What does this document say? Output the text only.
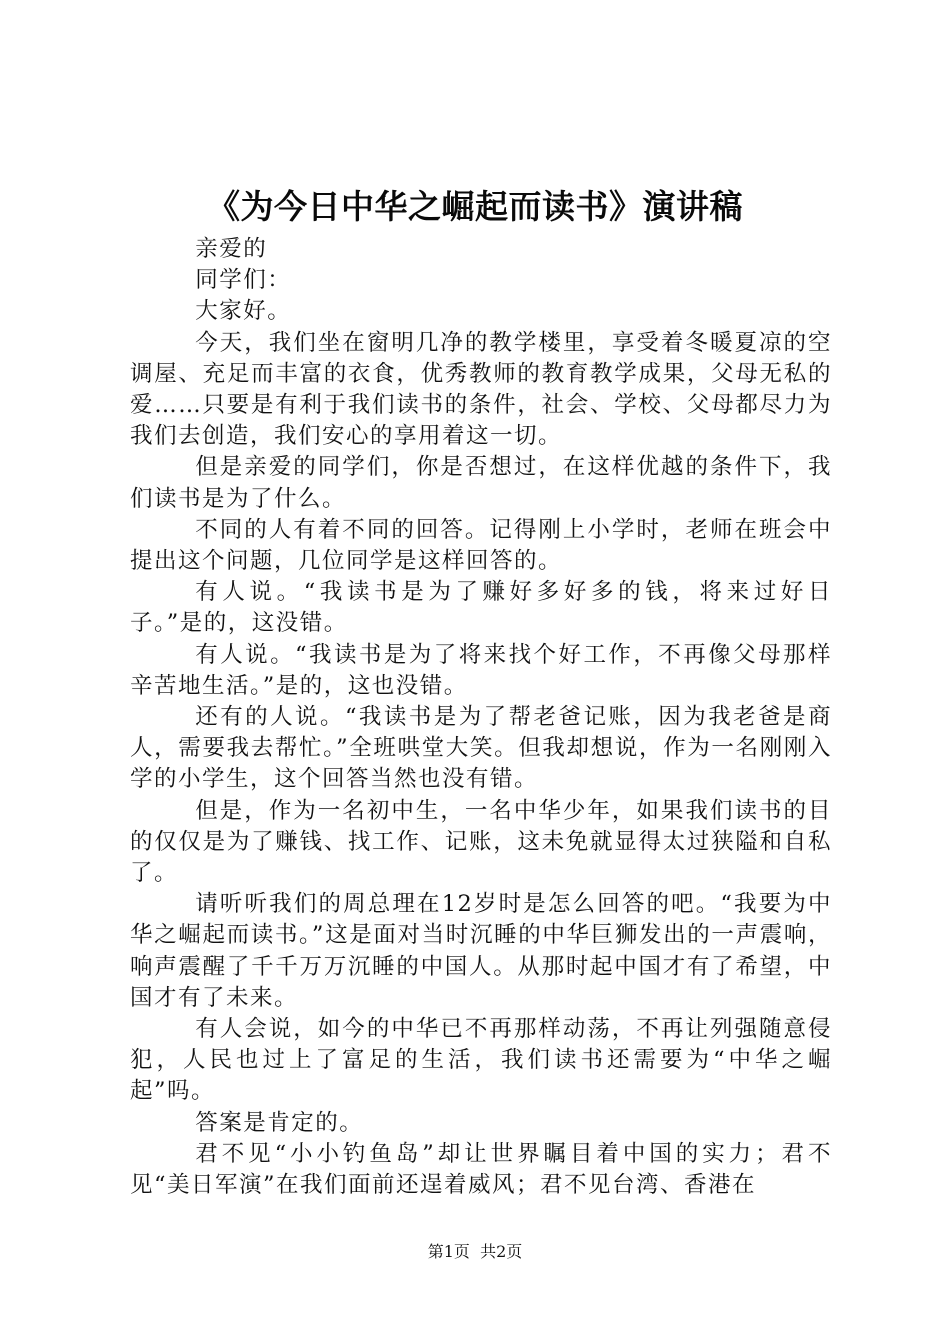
《为今日中华之崛起而读书》演讲稿

亲爱的

同学们：

大家好。

今天，我们坐在窗明几净的教学楼里，享受着冬暖夏凉的空调屋、充足而丰富的衣食，优秀教师的教育教学成果，父母无私的爱……只要是有利于我们读书的条件，社会、学校、父母都尽力为我们去创造，我们安心的享用着这一切。

但是亲爱的同学们，你是否想过，在这样优越的条件下，我们读书是为了什么。

不同的人有着不同的回答。记得刚上小学时，老师在班会中提出这个问题，几位同学是这样回答的。

有人说。“我读书是为了赚好多好多的钱，将来过好日子。”是的，这没错。

有人说。“我读书是为了将来找个好工作，不再像父母那样辛苦地生活。”是的，这也没错。

还有的人说。“我读书是为了帮老爸记账，因为我老爸是商人，需要我去帮忙。”全班哄堂大笑。但我却想说，作为一名刚刚入学的小学生，这个回答当然也没有错。

但是，作为一名初中生，一名中华少年，如果我们读书的目的仅仅是为了赚钱、找工作、记账，这未免就显得太过狭隘和自私了。

请听听我们的周总理在12岁时是怎么回答的吧。“我要为中华之崛起而读书。”这是面对当时沉睡的中华巨狮发出的一声震响，响声震醒了千千万万沉睡的中国人。从那时起中国才有了希望，中国才有了未来。

有人会说，如今的中华已不再那样动荡，不再让列强随意侵犯，人民也过上了富足的生活，我们读书还需要为“中华之崛起”吗。

答案是肯定的。

君不见“小小钓鱼岛”却让世界瞩目着中国的实力；君不见“美日军演”在我们面前还逞着威风；君不见台湾、香港在

第1页 共2页
